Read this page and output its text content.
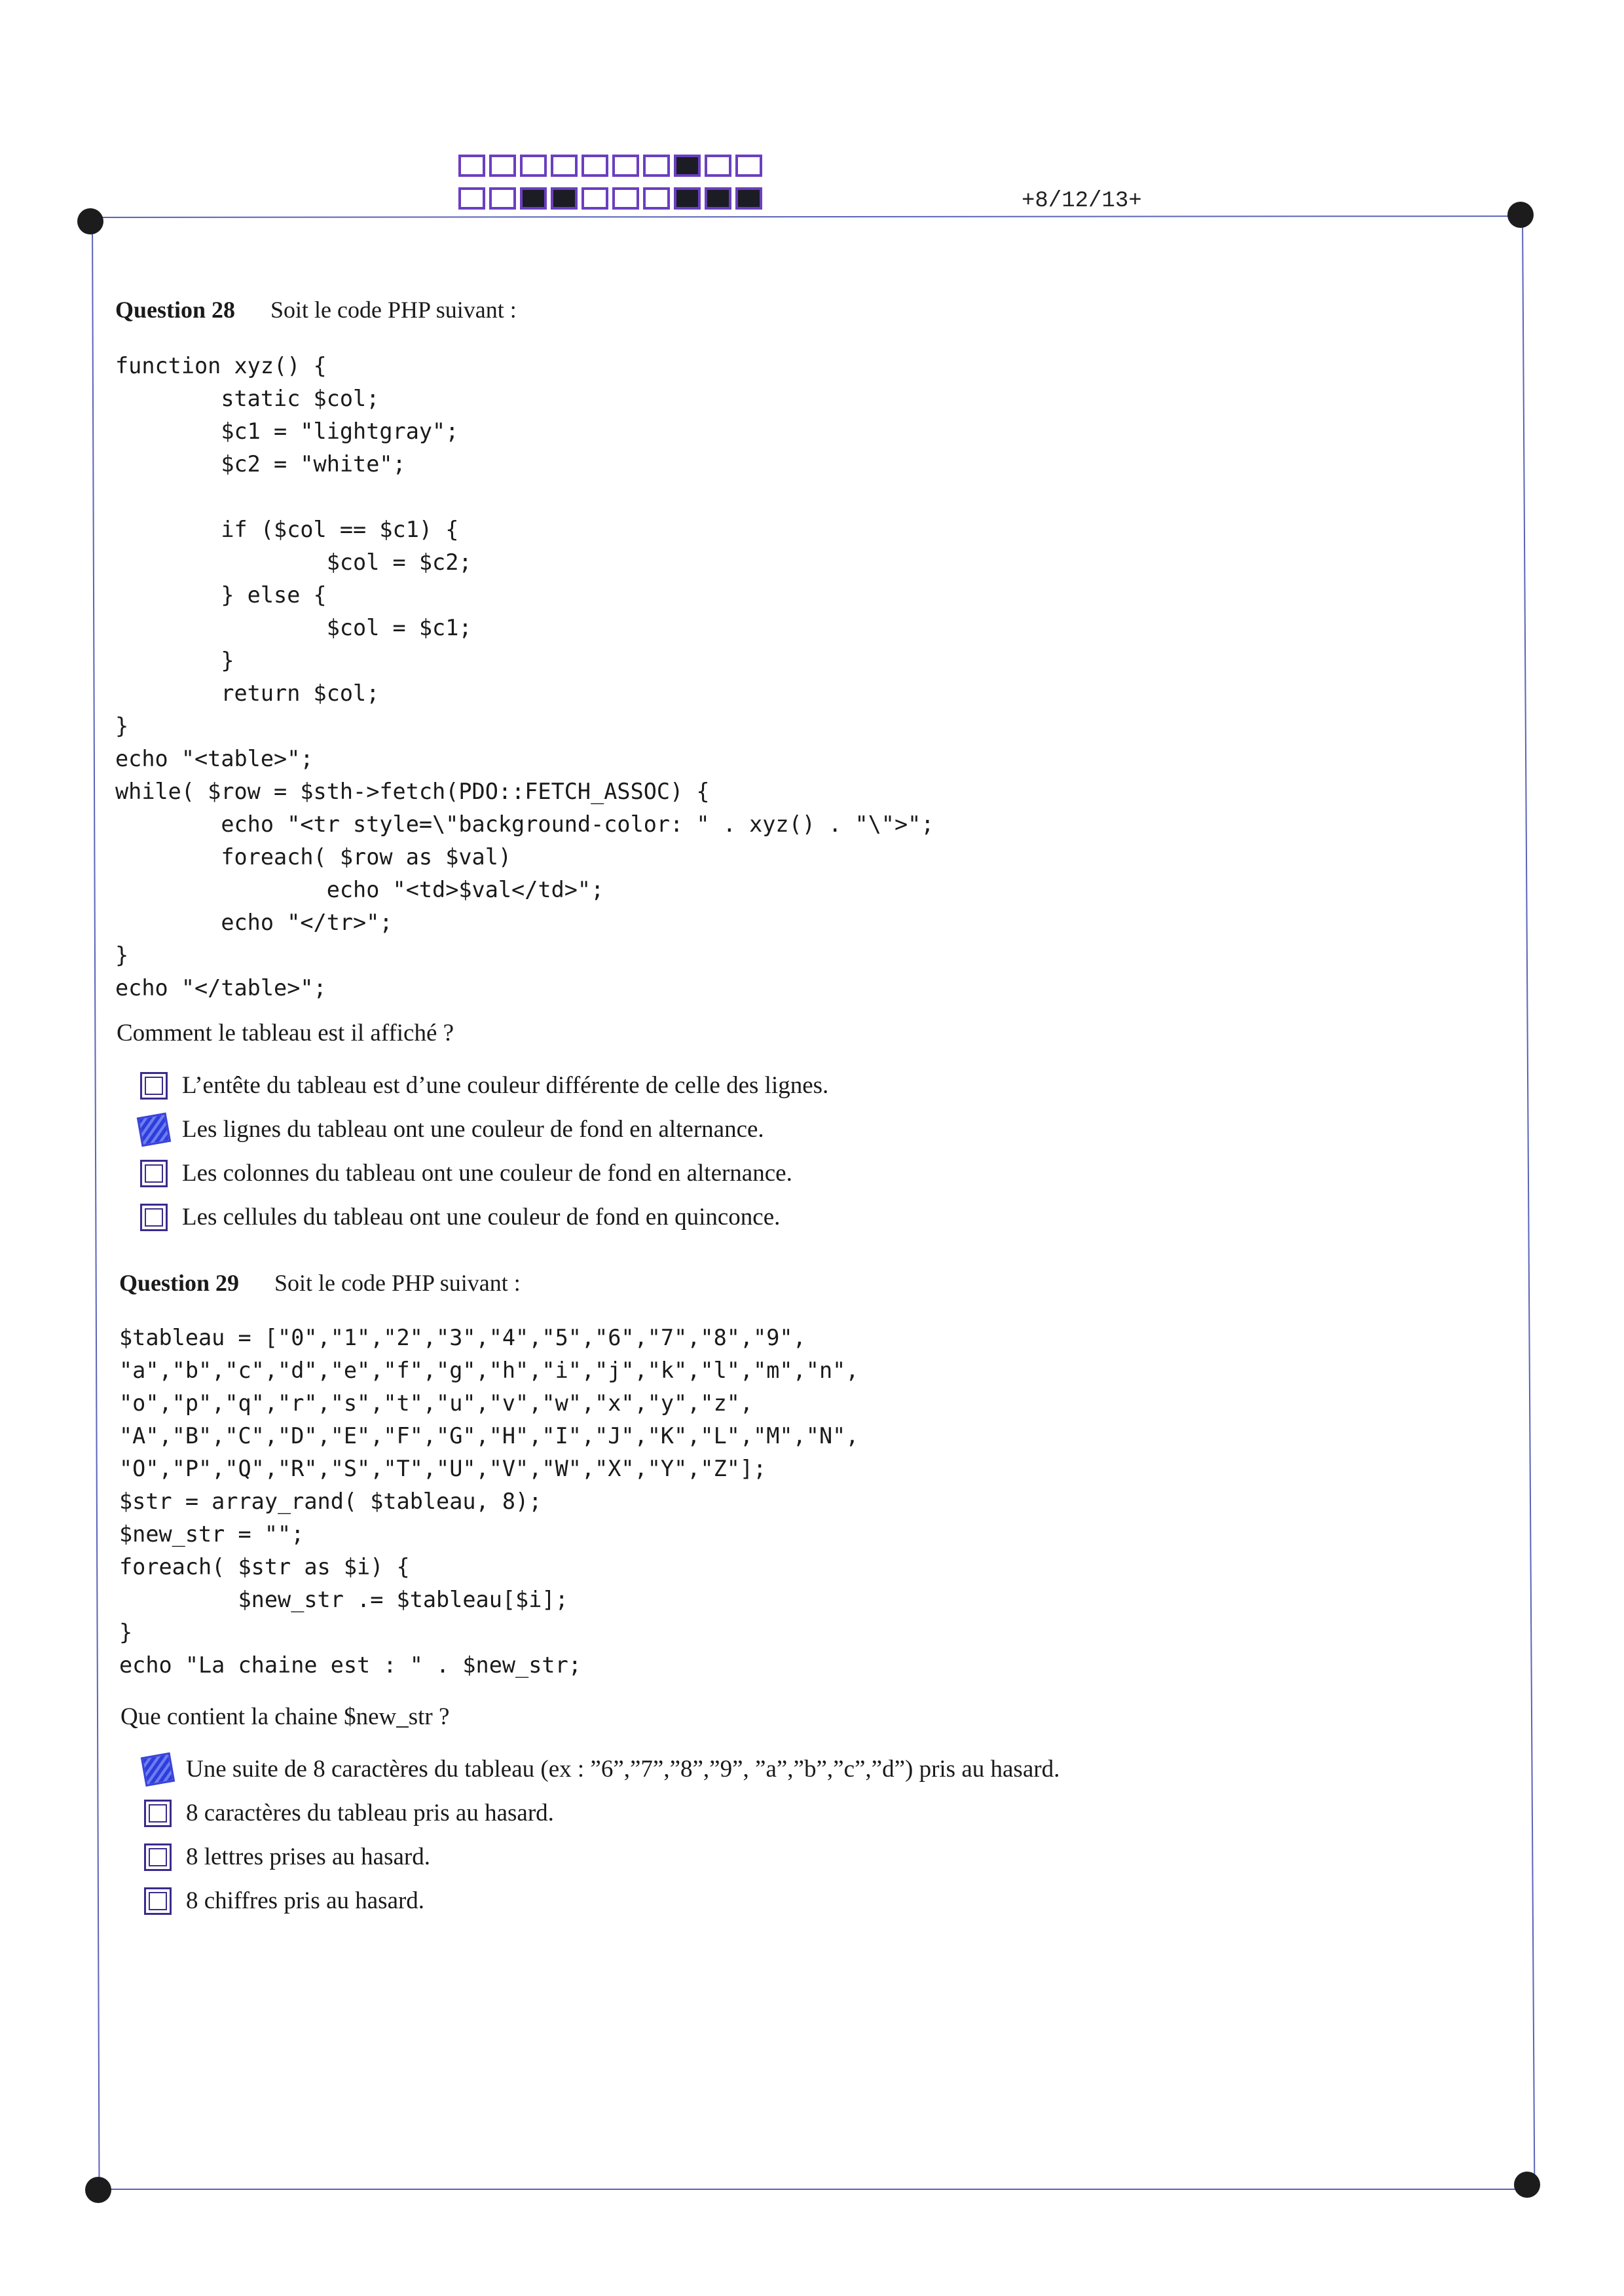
+8/12/13+
Question 28 Soit le code PHP suivant :
function xyz() {
static $col;
$c1 = "lightgray";
$c2 = "white";

if ($col == $c1) {
$col = $c2;
} else {
$col = $c1;
}
return $col;
}
echo "<table>";
while( $row = $sth->fetch(PDO::FETCH_ASSOC) {
echo "<tr style=\"background-color: " . xyz() . "\">";
foreach( $row as $val)
echo "<td>$val</td>";
echo "</tr>";
}
echo "</table>";
Comment le tableau est il affiché ?
L’entête du tableau est d’une couleur différente de celle des lignes.
Les lignes du tableau ont une couleur de fond en alternance.
Les colonnes du tableau ont une couleur de fond en alternance.
Les cellules du tableau ont une couleur de fond en quinconce.
Question 29 Soit le code PHP suivant :
$tableau = ["0","1","2","3","4","5","6","7","8","9",
"a","b","c","d","e","f","g","h","i","j","k","l","m","n",
"o","p","q","r","s","t","u","v","w","x","y","z",
"A","B","C","D","E","F","G","H","I","J","K","L","M","N",
"O","P","Q","R","S","T","U","V","W","X","Y","Z"];
$str = array_rand( $tableau, 8);
$new_str = "";
foreach( $str as $i) {
$new_str .= $tableau[$i];
}
echo "La chaine est : " . $new_str;
Que contient la chaine $new_str ?
Une suite de 8 caractères du tableau (ex : ”6”,”7”,”8”,”9”, ”a”,”b”,”c”,”d”) pris au hasard.
8 caractères du tableau pris au hasard.
8 lettres prises au hasard.
8 chiffres pris au hasard.
